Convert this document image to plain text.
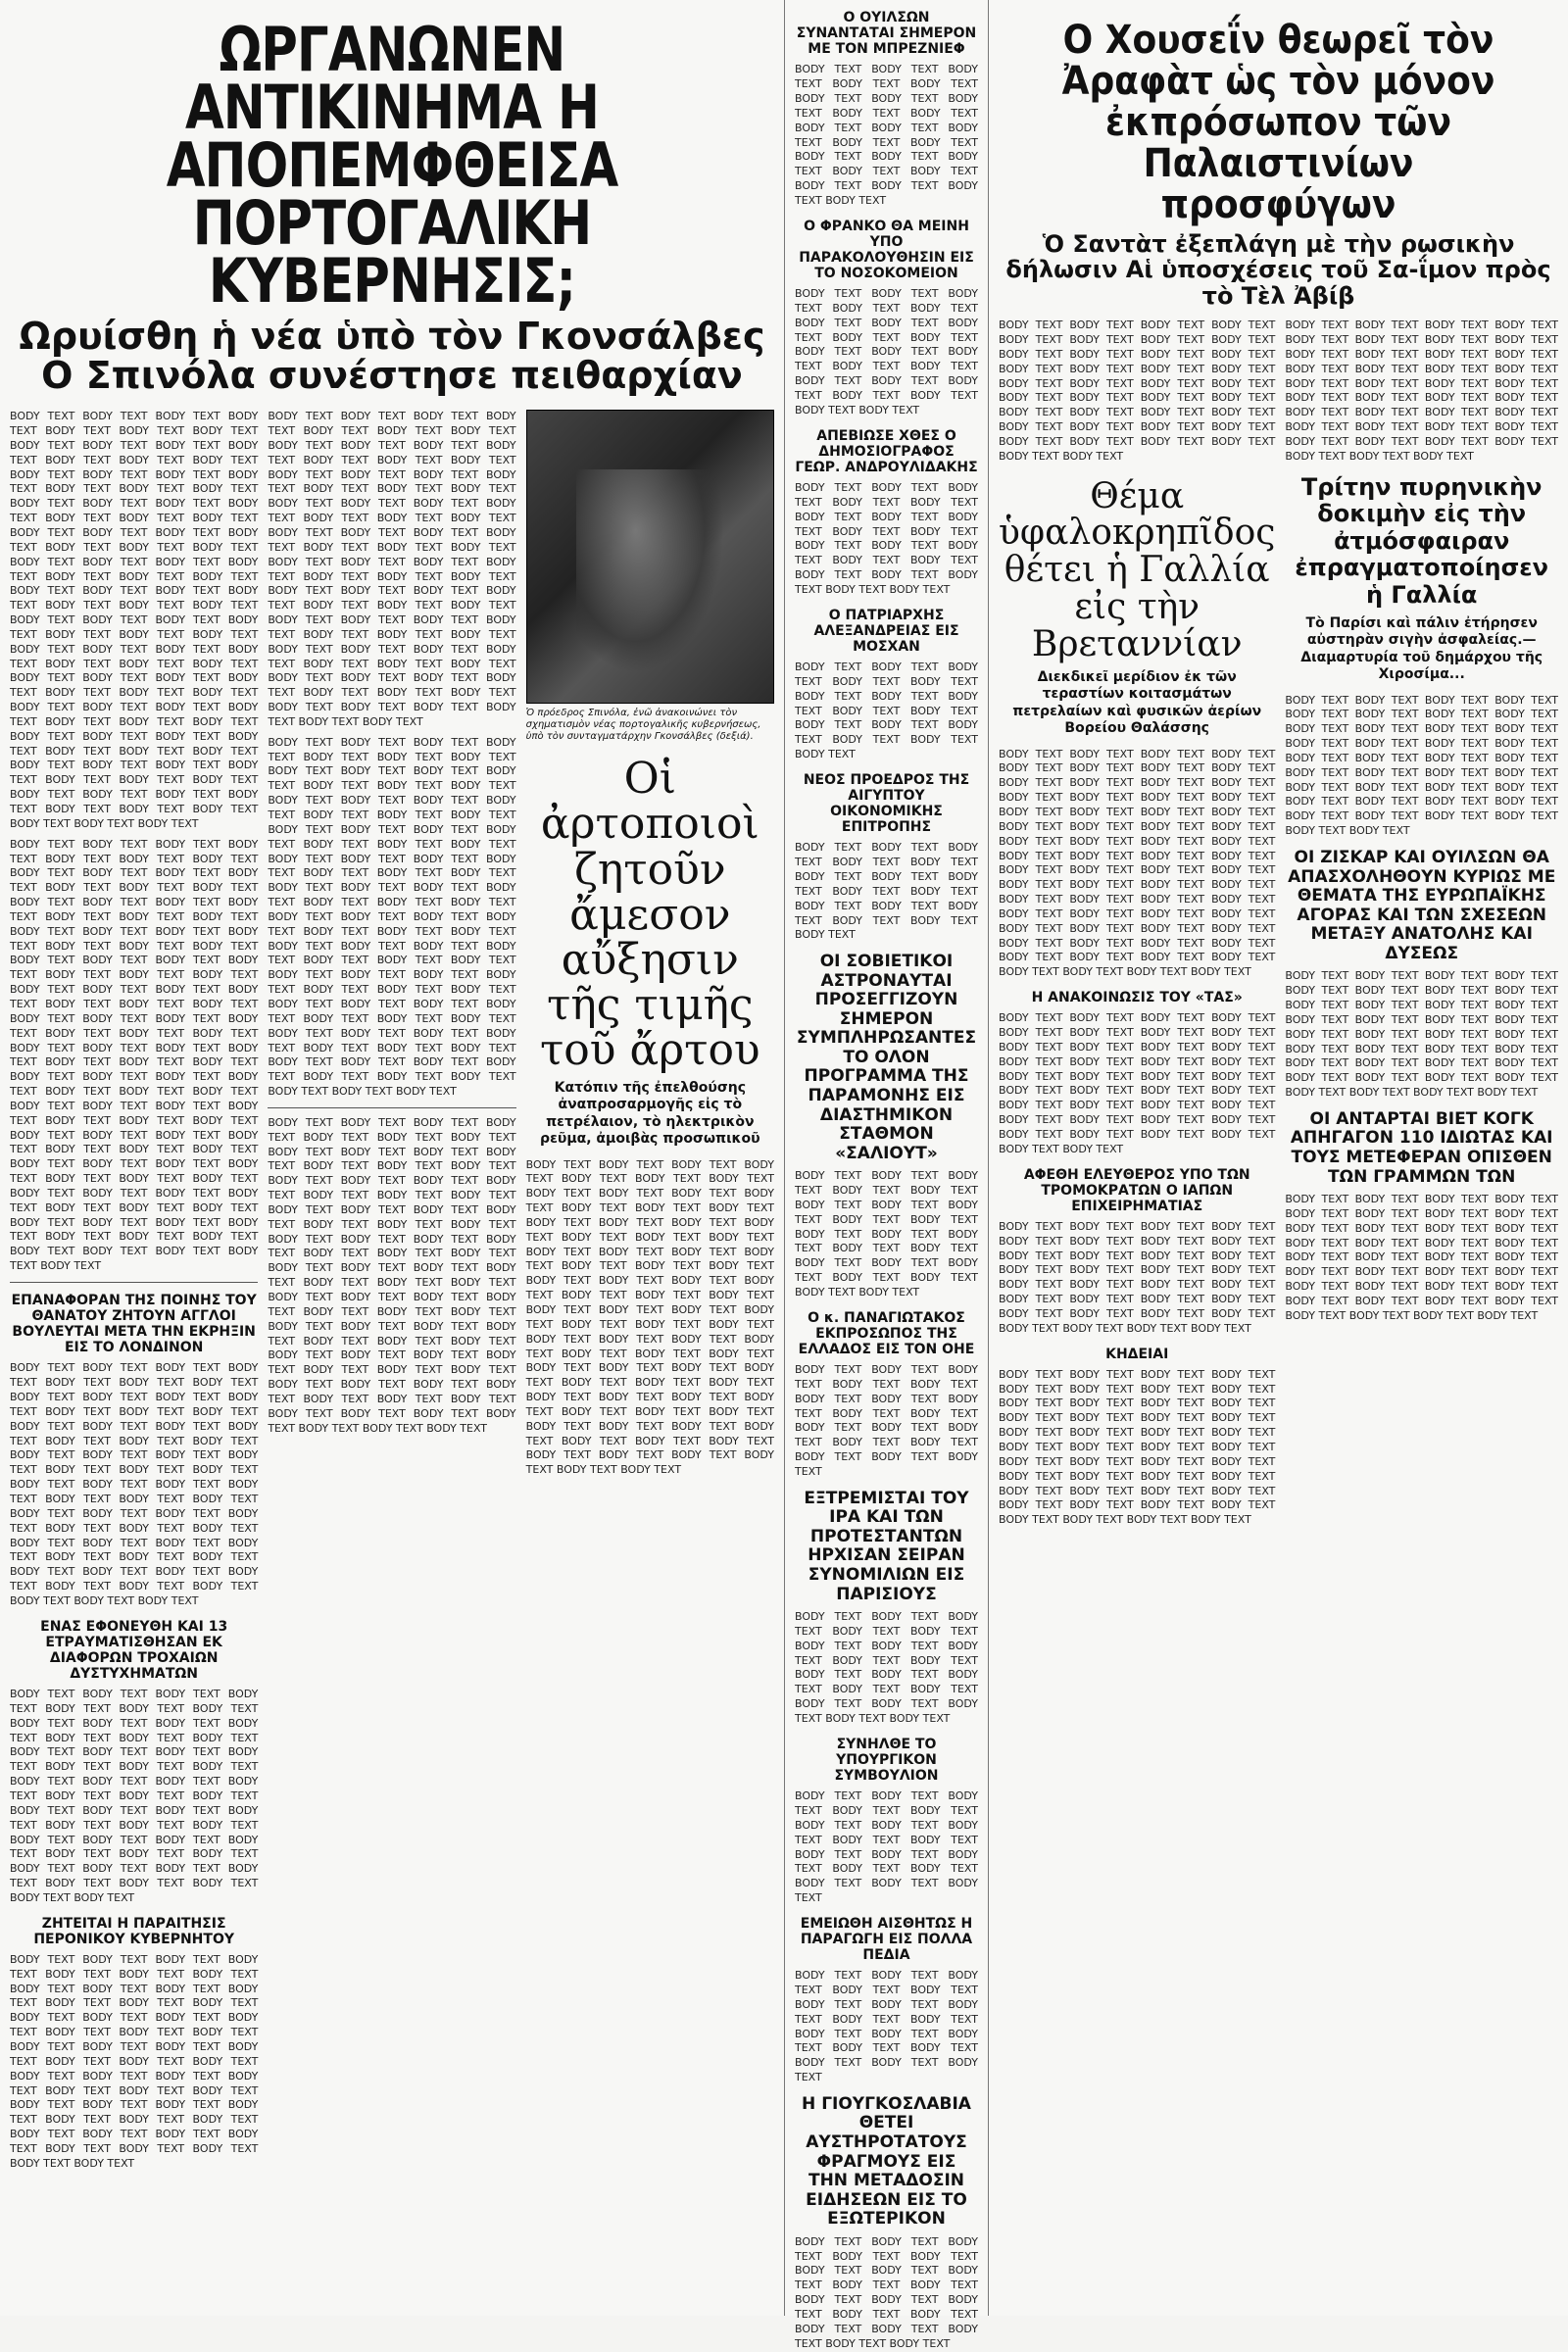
ΩΡΓΑΝΩΝΕΝ ΑΝΤΙΚΙΝΗΜΑ Η ΑΠΟΠΕΜΦΘΕΙΣΑ ΠΟΡΤΟΓΑΛΙΚΗ ΚΥΒΕΡΝΗΣΙΣ;
Ωρυίσθη ἡ νέα ὑπὸ τὸν Γκονσάλβες Ο Σπινόλα συνέστησε πειθαρχίαν

BODY TEXT BODY TEXT BODY TEXT BODY TEXT BODY TEXT BODY TEXT BODY TEXT BODY TEXT BODY TEXT BODY TEXT BODY TEXT BODY TEXT BODY TEXT BODY TEXT BODY TEXT BODY TEXT BODY TEXT BODY TEXT BODY TEXT BODY TEXT BODY TEXT BODY TEXT BODY TEXT BODY TEXT BODY TEXT BODY TEXT BODY TEXT BODY TEXT BODY TEXT BODY TEXT BODY TEXT BODY TEXT BODY TEXT BODY TEXT BODY TEXT BODY TEXT BODY TEXT BODY TEXT BODY TEXT BODY TEXT BODY TEXT BODY TEXT BODY TEXT BODY TEXT BODY TEXT BODY TEXT BODY TEXT BODY TEXT BODY TEXT BODY TEXT BODY TEXT BODY TEXT BODY TEXT BODY TEXT BODY TEXT BODY TEXT BODY TEXT BODY TEXT BODY TEXT BODY TEXT BODY TEXT BODY TEXT BODY TEXT BODY TEXT BODY TEXT BODY TEXT BODY TEXT BODY TEXT BODY TEXT BODY TEXT BODY TEXT BODY TEXT BODY TEXT BODY TEXT BODY TEXT BODY TEXT BODY TEXT BODY TEXT BODY TEXT BODY TEXT BODY TEXT BODY TEXT BODY TEXT BODY TEXT BODY TEXT BODY TEXT BODY TEXT BODY TEXT BODY TEXT BODY TEXT BODY TEXT BODY TEXT BODY TEXT BODY TEXT BODY TEXT BODY TEXT BODY TEXT BODY TEXT BODY TEXT BODY TEXT BODY TEXT

BODY TEXT BODY TEXT BODY TEXT BODY TEXT BODY TEXT BODY TEXT BODY TEXT BODY TEXT BODY TEXT BODY TEXT BODY TEXT BODY TEXT BODY TEXT BODY TEXT BODY TEXT BODY TEXT BODY TEXT BODY TEXT BODY TEXT BODY TEXT BODY TEXT BODY TEXT BODY TEXT BODY TEXT BODY TEXT BODY TEXT BODY TEXT BODY TEXT BODY TEXT BODY TEXT BODY TEXT BODY TEXT BODY TEXT BODY TEXT BODY TEXT BODY TEXT BODY TEXT BODY TEXT BODY TEXT BODY TEXT BODY TEXT BODY TEXT BODY TEXT BODY TEXT BODY TEXT BODY TEXT BODY TEXT BODY TEXT BODY TEXT BODY TEXT BODY TEXT BODY TEXT BODY TEXT BODY TEXT BODY TEXT BODY TEXT BODY TEXT BODY TEXT BODY TEXT BODY TEXT BODY TEXT BODY TEXT BODY TEXT BODY TEXT BODY TEXT BODY TEXT BODY TEXT BODY TEXT BODY TEXT BODY TEXT BODY TEXT BODY TEXT BODY TEXT BODY TEXT BODY TEXT BODY TEXT BODY TEXT BODY TEXT BODY TEXT BODY TEXT BODY TEXT BODY TEXT BODY TEXT BODY TEXT BODY TEXT BODY TEXT BODY TEXT BODY TEXT BODY TEXT BODY TEXT BODY TEXT BODY TEXT BODY TEXT BODY TEXT BODY TEXT BODY TEXT BODY TEXT BODY TEXT BODY TEXT BODY TEXT BODY TEXT BODY TEXT BODY TEXT

ΕΠΑΝΑΦΟΡΑΝ ΤΗΣ ΠΟΙΝΗΣ ΤΟΥ ΘΑΝΑΤΟΥ ΖΗΤΟΥΝ ΑΓΓΛΟΙ ΒΟΥΛΕΥΤΑΙ ΜΕΤΑ ΤΗΝ ΕΚΡΗΞΙΝ ΕΙΣ ΤΟ ΛΟΝΔΙΝΟΝ

BODY TEXT BODY TEXT BODY TEXT BODY TEXT BODY TEXT BODY TEXT BODY TEXT BODY TEXT BODY TEXT BODY TEXT BODY TEXT BODY TEXT BODY TEXT BODY TEXT BODY TEXT BODY TEXT BODY TEXT BODY TEXT BODY TEXT BODY TEXT BODY TEXT BODY TEXT BODY TEXT BODY TEXT BODY TEXT BODY TEXT BODY TEXT BODY TEXT BODY TEXT BODY TEXT BODY TEXT BODY TEXT BODY TEXT BODY TEXT BODY TEXT BODY TEXT BODY TEXT BODY TEXT BODY TEXT BODY TEXT BODY TEXT BODY TEXT BODY TEXT BODY TEXT BODY TEXT BODY TEXT BODY TEXT BODY TEXT BODY TEXT BODY TEXT BODY TEXT BODY TEXT BODY TEXT BODY TEXT BODY TEXT BODY TEXT BODY TEXT BODY TEXT BODY TEXT

ΕΝΑΣ ΕΦΟΝΕΥΘΗ ΚΑΙ 13 ΕΤΡΑΥΜΑΤΙΣΘΗΣΑΝ ΕΚ ΔΙΑΦΟΡΩΝ ΤΡΟΧΑΙΩΝ ΔΥΣΤΥΧΗΜΑΤΩΝ

BODY TEXT BODY TEXT BODY TEXT BODY TEXT BODY TEXT BODY TEXT BODY TEXT BODY TEXT BODY TEXT BODY TEXT BODY TEXT BODY TEXT BODY TEXT BODY TEXT BODY TEXT BODY TEXT BODY TEXT BODY TEXT BODY TEXT BODY TEXT BODY TEXT BODY TEXT BODY TEXT BODY TEXT BODY TEXT BODY TEXT BODY TEXT BODY TEXT BODY TEXT BODY TEXT BODY TEXT BODY TEXT BODY TEXT BODY TEXT BODY TEXT BODY TEXT BODY TEXT BODY TEXT BODY TEXT BODY TEXT BODY TEXT BODY TEXT BODY TEXT BODY TEXT BODY TEXT BODY TEXT BODY TEXT BODY TEXT BODY TEXT BODY TEXT BODY TEXT

ΖΗΤΕΙΤΑΙ Η ΠΑΡΑΙΤΗΣΙΣ ΠΕΡΟΝΙΚΟΥ ΚΥΒΕΡΝΗΤΟΥ

BODY TEXT BODY TEXT BODY TEXT BODY TEXT BODY TEXT BODY TEXT BODY TEXT BODY TEXT BODY TEXT BODY TEXT BODY TEXT BODY TEXT BODY TEXT BODY TEXT BODY TEXT BODY TEXT BODY TEXT BODY TEXT BODY TEXT BODY TEXT BODY TEXT BODY TEXT BODY TEXT BODY TEXT BODY TEXT BODY TEXT BODY TEXT BODY TEXT BODY TEXT BODY TEXT BODY TEXT BODY TEXT BODY TEXT BODY TEXT BODY TEXT BODY TEXT BODY TEXT BODY TEXT BODY TEXT BODY TEXT BODY TEXT BODY TEXT BODY TEXT BODY TEXT BODY TEXT BODY TEXT BODY TEXT BODY TEXT BODY TEXT BODY TEXT BODY TEXT

BODY TEXT BODY TEXT BODY TEXT BODY TEXT BODY TEXT BODY TEXT BODY TEXT BODY TEXT BODY TEXT BODY TEXT BODY TEXT BODY TEXT BODY TEXT BODY TEXT BODY TEXT BODY TEXT BODY TEXT BODY TEXT BODY TEXT BODY TEXT BODY TEXT BODY TEXT BODY TEXT BODY TEXT BODY TEXT BODY TEXT BODY TEXT BODY TEXT BODY TEXT BODY TEXT BODY TEXT BODY TEXT BODY TEXT BODY TEXT BODY TEXT BODY TEXT BODY TEXT BODY TEXT BODY TEXT BODY TEXT BODY TEXT BODY TEXT BODY TEXT BODY TEXT BODY TEXT BODY TEXT BODY TEXT BODY TEXT BODY TEXT BODY TEXT BODY TEXT BODY TEXT BODY TEXT BODY TEXT BODY TEXT BODY TEXT BODY TEXT BODY TEXT BODY TEXT BODY TEXT BODY TEXT BODY TEXT BODY TEXT BODY TEXT BODY TEXT BODY TEXT BODY TEXT BODY TEXT BODY TEXT BODY TEXT BODY TEXT BODY TEXT BODY TEXT BODY TEXT BODY TEXT BODY TEXT

BODY TEXT BODY TEXT BODY TEXT BODY TEXT BODY TEXT BODY TEXT BODY TEXT BODY TEXT BODY TEXT BODY TEXT BODY TEXT BODY TEXT BODY TEXT BODY TEXT BODY TEXT BODY TEXT BODY TEXT BODY TEXT BODY TEXT BODY TEXT BODY TEXT BODY TEXT BODY TEXT BODY TEXT BODY TEXT BODY TEXT BODY TEXT BODY TEXT BODY TEXT BODY TEXT BODY TEXT BODY TEXT BODY TEXT BODY TEXT BODY TEXT BODY TEXT BODY TEXT BODY TEXT BODY TEXT BODY TEXT BODY TEXT BODY TEXT BODY TEXT BODY TEXT BODY TEXT BODY TEXT BODY TEXT BODY TEXT BODY TEXT BODY TEXT BODY TEXT BODY TEXT BODY TEXT BODY TEXT BODY TEXT BODY TEXT BODY TEXT BODY TEXT BODY TEXT BODY TEXT BODY TEXT BODY TEXT BODY TEXT BODY TEXT BODY TEXT BODY TEXT BODY TEXT BODY TEXT BODY TEXT BODY TEXT BODY TEXT BODY TEXT BODY TEXT BODY TEXT BODY TEXT BODY TEXT BODY TEXT BODY TEXT BODY TEXT BODY TEXT BODY TEXT BODY TEXT BODY TEXT BODY TEXT BODY TEXT BODY TEXT BODY TEXT

BODY TEXT BODY TEXT BODY TEXT BODY TEXT BODY TEXT BODY TEXT BODY TEXT BODY TEXT BODY TEXT BODY TEXT BODY TEXT BODY TEXT BODY TEXT BODY TEXT BODY TEXT BODY TEXT BODY TEXT BODY TEXT BODY TEXT BODY TEXT BODY TEXT BODY TEXT BODY TEXT BODY TEXT BODY TEXT BODY TEXT BODY TEXT BODY TEXT BODY TEXT BODY TEXT BODY TEXT BODY TEXT BODY TEXT BODY TEXT BODY TEXT BODY TEXT BODY TEXT BODY TEXT BODY TEXT BODY TEXT BODY TEXT BODY TEXT BODY TEXT BODY TEXT BODY TEXT BODY TEXT BODY TEXT BODY TEXT BODY TEXT BODY TEXT BODY TEXT BODY TEXT BODY TEXT BODY TEXT BODY TEXT BODY TEXT BODY TEXT BODY TEXT BODY TEXT BODY TEXT BODY TEXT BODY TEXT BODY TEXT BODY TEXT BODY TEXT BODY TEXT BODY TEXT BODY TEXT BODY TEXT BODY TEXT BODY TEXT BODY TEXT BODY TEXT BODY TEXT BODY TEXT BODY TEXT BODY TEXT

Ὁ πρόεδρος Σπινόλα, ἐνῶ ἀνακοινώνει τὸν σχηματισμὸν νέας πορτογαλικῆς κυβερνήσεως, ὑπὸ τὸν συνταγματάρχην Γκονσάλβες (δεξιά).
Οἱ ἀρτοποιοὶ ζητοῦν ἄμεσον αὔξησιν τῆς τιμῆς τοῦ ἄρτου
Κατόπιν τῆς ἐπελθούσης ἀναπροσαρμογῆς εἰς τὸ πετρέλαιον, τὸ ηλεκτρικὸν ρεῦμα, ἀμοιβὰς προσωπικοῦ

BODY TEXT BODY TEXT BODY TEXT BODY TEXT BODY TEXT BODY TEXT BODY TEXT BODY TEXT BODY TEXT BODY TEXT BODY TEXT BODY TEXT BODY TEXT BODY TEXT BODY TEXT BODY TEXT BODY TEXT BODY TEXT BODY TEXT BODY TEXT BODY TEXT BODY TEXT BODY TEXT BODY TEXT BODY TEXT BODY TEXT BODY TEXT BODY TEXT BODY TEXT BODY TEXT BODY TEXT BODY TEXT BODY TEXT BODY TEXT BODY TEXT BODY TEXT BODY TEXT BODY TEXT BODY TEXT BODY TEXT BODY TEXT BODY TEXT BODY TEXT BODY TEXT BODY TEXT BODY TEXT BODY TEXT BODY TEXT BODY TEXT BODY TEXT BODY TEXT BODY TEXT BODY TEXT BODY TEXT BODY TEXT BODY TEXT BODY TEXT BODY TEXT BODY TEXT BODY TEXT BODY TEXT BODY TEXT BODY TEXT BODY TEXT BODY TEXT BODY TEXT BODY TEXT BODY TEXT BODY TEXT BODY TEXT BODY TEXT BODY TEXT BODY TEXT BODY TEXT BODY TEXT BODY TEXT

Ο ΟΥΙΛΣΩΝ ΣΥΝΑΝΤΑΤΑΙ ΣΗΜΕΡΟΝ ΜΕ ΤΟΝ ΜΠΡΕΖΝΙΕΦ

BODY TEXT BODY TEXT BODY TEXT BODY TEXT BODY TEXT BODY TEXT BODY TEXT BODY TEXT BODY TEXT BODY TEXT BODY TEXT BODY TEXT BODY TEXT BODY TEXT BODY TEXT BODY TEXT BODY TEXT BODY TEXT BODY TEXT BODY TEXT BODY TEXT BODY TEXT BODY TEXT BODY TEXT

Ο ΦΡΑΝΚΟ ΘΑ ΜΕΙΝΗ ΥΠΟ ΠΑΡΑΚΟΛΟΥΘΗΣΙΝ ΕΙΣ ΤΟ ΝΟΣΟΚΟΜΕΙΟΝ

BODY TEXT BODY TEXT BODY TEXT BODY TEXT BODY TEXT BODY TEXT BODY TEXT BODY TEXT BODY TEXT BODY TEXT BODY TEXT BODY TEXT BODY TEXT BODY TEXT BODY TEXT BODY TEXT BODY TEXT BODY TEXT BODY TEXT BODY TEXT BODY TEXT BODY TEXT

ΑΠΕΒΙΩΣΕ ΧΘΕΣ Ο ΔΗΜΟΣΙΟΓΡΑΦΟΣ ΓΕΩΡ. ΑΝΔΡΟΥΛΙΔΑΚΗΣ

BODY TEXT BODY TEXT BODY TEXT BODY TEXT BODY TEXT BODY TEXT BODY TEXT BODY TEXT BODY TEXT BODY TEXT BODY TEXT BODY TEXT BODY TEXT BODY TEXT BODY TEXT BODY TEXT BODY TEXT BODY TEXT BODY TEXT BODY TEXT

Ο ΠΑΤΡΙΑΡΧΗΣ ΑΛΕΞΑΝΔΡΕΙΑΣ ΕΙΣ ΜΟΣΧΑΝ

BODY TEXT BODY TEXT BODY TEXT BODY TEXT BODY TEXT BODY TEXT BODY TEXT BODY TEXT BODY TEXT BODY TEXT BODY TEXT BODY TEXT BODY TEXT BODY TEXT BODY TEXT BODY TEXT

ΝΕΟΣ ΠΡΟΕΔΡΟΣ ΤΗΣ ΑΙΓΥΠΤΟΥ ΟΙΚΟΝΟΜΙΚΗΣ ΕΠΙΤΡΟΠΗΣ

BODY TEXT BODY TEXT BODY TEXT BODY TEXT BODY TEXT BODY TEXT BODY TEXT BODY TEXT BODY TEXT BODY TEXT BODY TEXT BODY TEXT BODY TEXT BODY TEXT BODY TEXT BODY TEXT

ΟΙ ΣΟΒΙΕΤΙΚΟΙ ΑΣΤΡΟΝΑΥΤΑΙ ΠΡΟΣΕΓΓΙΖΟΥΝ ΣΗΜΕΡΟΝ ΣΥΜΠΛΗΡΩΣΑΝΤΕΣ ΤΟ ΟΛΟΝ ΠΡΟΓΡΑΜΜΑ ΤΗΣ ΠΑΡΑΜΟΝΗΣ ΕΙΣ ΔΙΑΣΤΗΜΙΚΟΝ ΣΤΑΘΜΟΝ «ΣΑΛΙΟΥΤ»

BODY TEXT BODY TEXT BODY TEXT BODY TEXT BODY TEXT BODY TEXT BODY TEXT BODY TEXT BODY TEXT BODY TEXT BODY TEXT BODY TEXT BODY TEXT BODY TEXT BODY TEXT BODY TEXT BODY TEXT BODY TEXT BODY TEXT BODY TEXT BODY TEXT BODY TEXT

Ο κ. ΠΑΝΑΓΙΩΤΑΚΟΣ ΕΚΠΡΟΣΩΠΟΣ ΤΗΣ ΕΛΛΑΔΟΣ ΕΙΣ ΤΟΝ ΟΗΕ

BODY TEXT BODY TEXT BODY TEXT BODY TEXT BODY TEXT BODY TEXT BODY TEXT BODY TEXT BODY TEXT BODY TEXT BODY TEXT BODY TEXT BODY TEXT BODY TEXT BODY TEXT BODY TEXT BODY TEXT BODY TEXT

ΕΞΤΡΕΜΙΣΤΑΙ ΤΟΥ ΙΡΑ ΚΑΙ ΤΩΝ ΠΡΟΤΕΣΤΑΝΤΩΝ ΗΡΧΙΣΑΝ ΣΕΙΡΑΝ ΣΥΝΟΜΙΛΙΩΝ ΕΙΣ ΠΑΡΙΣΙΟΥΣ

BODY TEXT BODY TEXT BODY TEXT BODY TEXT BODY TEXT BODY TEXT BODY TEXT BODY TEXT BODY TEXT BODY TEXT BODY TEXT BODY TEXT BODY TEXT BODY TEXT BODY TEXT BODY TEXT BODY TEXT BODY TEXT BODY TEXT BODY TEXT

ΣΥΝΗΛΘΕ ΤΟ ΥΠΟΥΡΓΙΚΟΝ ΣΥΜΒΟΥΛΙΟΝ

BODY TEXT BODY TEXT BODY TEXT BODY TEXT BODY TEXT BODY TEXT BODY TEXT BODY TEXT BODY TEXT BODY TEXT BODY TEXT BODY TEXT BODY TEXT BODY TEXT BODY TEXT BODY TEXT BODY TEXT BODY TEXT

ΕΜΕΙΩΘΗ ΑΙΣΘΗΤΩΣ Η ΠΑΡΑΓΩΓΗ ΕΙΣ ΠΟΛΛΑ ΠΕΔΙΑ

BODY TEXT BODY TEXT BODY TEXT BODY TEXT BODY TEXT BODY TEXT BODY TEXT BODY TEXT BODY TEXT BODY TEXT BODY TEXT BODY TEXT BODY TEXT BODY TEXT BODY TEXT BODY TEXT BODY TEXT BODY TEXT

Η ΓΙΟΥΓΚΟΣΛΑΒΙΑ ΘΕΤΕΙ ΑΥΣΤΗΡΟΤΑΤΟΥΣ ΦΡΑΓΜΟΥΣ ΕΙΣ ΤΗΝ ΜΕΤΑΔΟΣΙΝ ΕΙΔΗΣΕΩΝ ΕΙΣ ΤΟ ΕΞΩΤΕΡΙΚΟΝ

BODY TEXT BODY TEXT BODY TEXT BODY TEXT BODY TEXT BODY TEXT BODY TEXT BODY TEXT BODY TEXT BODY TEXT BODY TEXT BODY TEXT BODY TEXT BODY TEXT BODY TEXT BODY TEXT BODY TEXT BODY TEXT BODY TEXT BODY TEXT

Ο Χουσεΐν θεωρεῖ τὸν Ἀραφὰτ ὡς τὸν μόνον ἐκπρόσωπον τῶν Παλαιστινίων προσφύγων
Ὁ Σαντὰτ ἐξεπλάγη μὲ τὴν ρωσικὴν δήλωσιν Αἱ ὑποσχέσεις τοῦ Σα-ΐμον πρὸς τὸ Τὲλ Ἀβίβ

BODY TEXT BODY TEXT BODY TEXT BODY TEXT BODY TEXT BODY TEXT BODY TEXT BODY TEXT BODY TEXT BODY TEXT BODY TEXT BODY TEXT BODY TEXT BODY TEXT BODY TEXT BODY TEXT BODY TEXT BODY TEXT BODY TEXT BODY TEXT BODY TEXT BODY TEXT BODY TEXT BODY TEXT BODY TEXT BODY TEXT BODY TEXT BODY TEXT BODY TEXT BODY TEXT BODY TEXT BODY TEXT BODY TEXT BODY TEXT BODY TEXT BODY TEXT BODY TEXT BODY TEXT

Θέμα ὑφαλοκρηπῖδος θέτει ἡ Γαλλία εἰς τὴν Βρεταννίαν
Διεκδικεῖ μερίδιον ἐκ τῶν τεραστίων κοιτασμάτων πετρελαίων καὶ φυσικῶν ἀερίων Βορείου Θαλάσσης

BODY TEXT BODY TEXT BODY TEXT BODY TEXT BODY TEXT BODY TEXT BODY TEXT BODY TEXT BODY TEXT BODY TEXT BODY TEXT BODY TEXT BODY TEXT BODY TEXT BODY TEXT BODY TEXT BODY TEXT BODY TEXT BODY TEXT BODY TEXT BODY TEXT BODY TEXT BODY TEXT BODY TEXT BODY TEXT BODY TEXT BODY TEXT BODY TEXT BODY TEXT BODY TEXT BODY TEXT BODY TEXT BODY TEXT BODY TEXT BODY TEXT BODY TEXT BODY TEXT BODY TEXT BODY TEXT BODY TEXT BODY TEXT BODY TEXT BODY TEXT BODY TEXT BODY TEXT BODY TEXT BODY TEXT BODY TEXT BODY TEXT BODY TEXT BODY TEXT BODY TEXT BODY TEXT BODY TEXT BODY TEXT BODY TEXT BODY TEXT BODY TEXT BODY TEXT BODY TEXT BODY TEXT BODY TEXT BODY TEXT BODY TEXT

Η ΑΝΑΚΟΙΝΩΣΙΣ ΤΟΥ «ΤΑΣ»

BODY TEXT BODY TEXT BODY TEXT BODY TEXT BODY TEXT BODY TEXT BODY TEXT BODY TEXT BODY TEXT BODY TEXT BODY TEXT BODY TEXT BODY TEXT BODY TEXT BODY TEXT BODY TEXT BODY TEXT BODY TEXT BODY TEXT BODY TEXT BODY TEXT BODY TEXT BODY TEXT BODY TEXT BODY TEXT BODY TEXT BODY TEXT BODY TEXT BODY TEXT BODY TEXT BODY TEXT BODY TEXT BODY TEXT BODY TEXT BODY TEXT BODY TEXT BODY TEXT BODY TEXT

ΑΦΕΘΗ ΕΛΕΥΘΕΡΟΣ ΥΠΟ ΤΩΝ ΤΡΟΜΟΚΡΑΤΩΝ Ο ΙΑΠΩΝ ΕΠΙΧΕΙΡΗΜΑΤΙΑΣ

BODY TEXT BODY TEXT BODY TEXT BODY TEXT BODY TEXT BODY TEXT BODY TEXT BODY TEXT BODY TEXT BODY TEXT BODY TEXT BODY TEXT BODY TEXT BODY TEXT BODY TEXT BODY TEXT BODY TEXT BODY TEXT BODY TEXT BODY TEXT BODY TEXT BODY TEXT BODY TEXT BODY TEXT BODY TEXT BODY TEXT BODY TEXT BODY TEXT BODY TEXT BODY TEXT BODY TEXT BODY TEXT

ΚΗΔΕΙΑΙ

BODY TEXT BODY TEXT BODY TEXT BODY TEXT BODY TEXT BODY TEXT BODY TEXT BODY TEXT BODY TEXT BODY TEXT BODY TEXT BODY TEXT BODY TEXT BODY TEXT BODY TEXT BODY TEXT BODY TEXT BODY TEXT BODY TEXT BODY TEXT BODY TEXT BODY TEXT BODY TEXT BODY TEXT BODY TEXT BODY TEXT BODY TEXT BODY TEXT BODY TEXT BODY TEXT BODY TEXT BODY TEXT BODY TEXT BODY TEXT BODY TEXT BODY TEXT BODY TEXT BODY TEXT BODY TEXT BODY TEXT BODY TEXT BODY TEXT BODY TEXT BODY TEXT

BODY TEXT BODY TEXT BODY TEXT BODY TEXT BODY TEXT BODY TEXT BODY TEXT BODY TEXT BODY TEXT BODY TEXT BODY TEXT BODY TEXT BODY TEXT BODY TEXT BODY TEXT BODY TEXT BODY TEXT BODY TEXT BODY TEXT BODY TEXT BODY TEXT BODY TEXT BODY TEXT BODY TEXT BODY TEXT BODY TEXT BODY TEXT BODY TEXT BODY TEXT BODY TEXT BODY TEXT BODY TEXT BODY TEXT BODY TEXT BODY TEXT BODY TEXT BODY TEXT BODY TEXT BODY TEXT

Τρίτην πυρηνικὴν δοκιμὴν εἰς τὴν ἀτμόσφαιραν ἐπραγματοποίησεν ἡ Γαλλία
Τὸ Παρίσι καὶ πάλιν ἐτήρησεν αὐστηρὰν σιγὴν ἀσφαλείας.— Διαμαρτυρία τοῦ δημάρχου τῆς Χιροσίμα...

BODY TEXT BODY TEXT BODY TEXT BODY TEXT BODY TEXT BODY TEXT BODY TEXT BODY TEXT BODY TEXT BODY TEXT BODY TEXT BODY TEXT BODY TEXT BODY TEXT BODY TEXT BODY TEXT BODY TEXT BODY TEXT BODY TEXT BODY TEXT BODY TEXT BODY TEXT BODY TEXT BODY TEXT BODY TEXT BODY TEXT BODY TEXT BODY TEXT BODY TEXT BODY TEXT BODY TEXT BODY TEXT BODY TEXT BODY TEXT BODY TEXT BODY TEXT BODY TEXT BODY TEXT

ΟΙ ΖΙΣΚΑΡ ΚΑΙ ΟΥΙΛΣΩΝ ΘΑ ΑΠΑΣΧΟΛΗΘΟΥΝ ΚΥΡΙΩΣ ΜΕ ΘΕΜΑΤΑ ΤΗΣ ΕΥΡΩΠΑΪΚΗΣ ΑΓΟΡΑΣ ΚΑΙ ΤΩΝ ΣΧΕΣΕΩΝ ΜΕΤΑΞΥ ΑΝΑΤΟΛΗΣ ΚΑΙ ΔΥΣΕΩΣ

BODY TEXT BODY TEXT BODY TEXT BODY TEXT BODY TEXT BODY TEXT BODY TEXT BODY TEXT BODY TEXT BODY TEXT BODY TEXT BODY TEXT BODY TEXT BODY TEXT BODY TEXT BODY TEXT BODY TEXT BODY TEXT BODY TEXT BODY TEXT BODY TEXT BODY TEXT BODY TEXT BODY TEXT BODY TEXT BODY TEXT BODY TEXT BODY TEXT BODY TEXT BODY TEXT BODY TEXT BODY TEXT BODY TEXT BODY TEXT BODY TEXT BODY TEXT

ΟΙ ΑΝΤΑΡΤΑΙ ΒΙΕΤ ΚΟΓΚ ΑΠΗΓΑΓΟΝ 110 ΙΔΙΩΤΑΣ ΚΑΙ ΤΟΥΣ ΜΕΤΕΦΕΡΑΝ ΟΠΙΣΘΕΝ ΤΩΝ ΓΡΑΜΜΩΝ ΤΩΝ

BODY TEXT BODY TEXT BODY TEXT BODY TEXT BODY TEXT BODY TEXT BODY TEXT BODY TEXT BODY TEXT BODY TEXT BODY TEXT BODY TEXT BODY TEXT BODY TEXT BODY TEXT BODY TEXT BODY TEXT BODY TEXT BODY TEXT BODY TEXT BODY TEXT BODY TEXT BODY TEXT BODY TEXT BODY TEXT BODY TEXT BODY TEXT BODY TEXT BODY TEXT BODY TEXT BODY TEXT BODY TEXT BODY TEXT BODY TEXT BODY TEXT BODY TEXT
